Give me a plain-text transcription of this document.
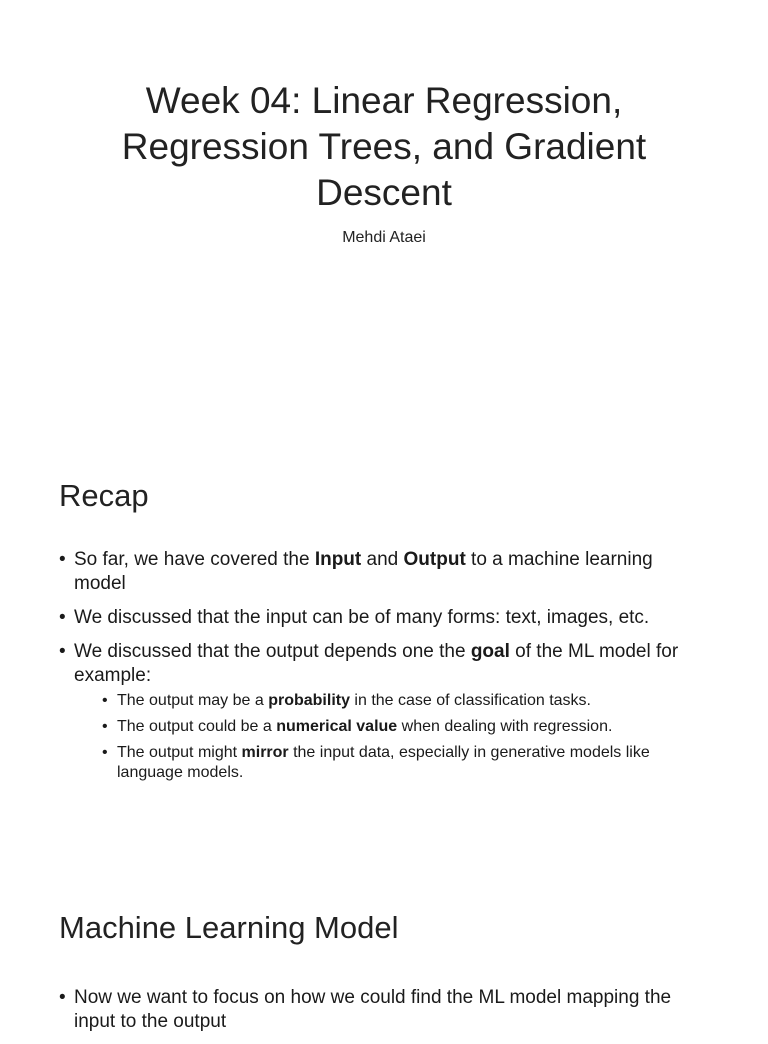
Week 04: Linear Regression, Regression Trees, and Gradient Descent
Mehdi Ataei
Recap
• So far, we have covered the Input and Output to a machine learning model
• We discussed that the input can be of many forms: text, images, etc.
• We discussed that the output depends one the goal of the ML model for example:
• The output may be a probability in the case of classification tasks.
• The output could be a numerical value when dealing with regression.
• The output might mirror the input data, especially in generative models like language models.
Machine Learning Model
• Now we want to focus on how we could find the ML model mapping the input to the output
